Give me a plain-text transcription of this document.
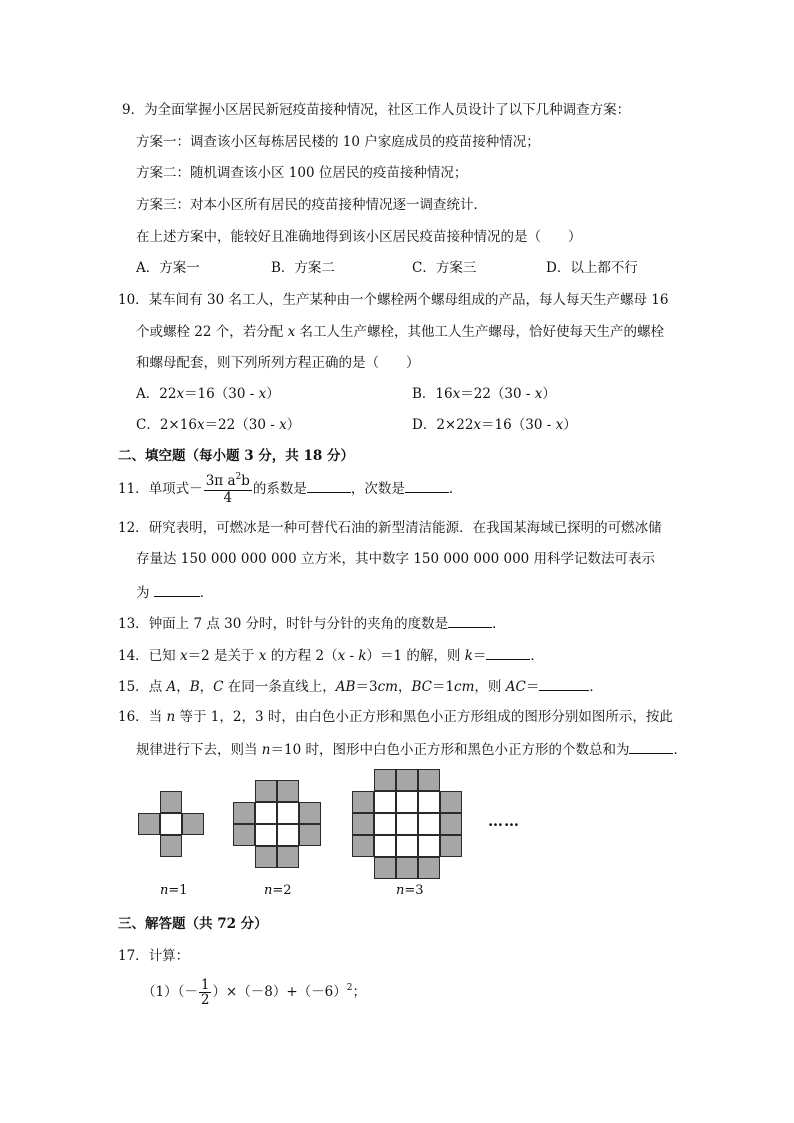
9．为全面掌握小区居民新冠疫苗接种情况，社区工作人员设计了以下几种调查方案：
方案一：调查该小区每栋居民楼的 10 户家庭成员的疫苗接种情况；
方案二：随机调查该小区 100 位居民的疫苗接种情况；
方案三：对本小区所有居民的疫苗接种情况逐一调查统计．
在上述方案中，能较好且准确地得到该小区居民疫苗接种情况的是（　　）
A．方案一	B．方案二	C．方案三	D．以上都不行
10．某车间有 30 名工人，生产某种由一个螺栓两个螺母组成的产品，每人每天生产螺母 16
个或螺栓 22 个，若分配 x 名工人生产螺栓，其他工人生产螺母，恰好使每天生产的螺栓
和螺母配套，则下列所列方程正确的是（　　）
A．22x＝16（30 - x）	B．16x＝22（30 - x）
C．2×16x＝22（30 - x）	D．2×22x＝16（30 - x）
二、填空题（每小题 3 分，共 18 分）
11．单项式－ $\frac{3\pi a^2b}{4}$ 的系数是	，次数是	．
12．研究表明，可燃冰是一种可替代石油的新型清洁能源．在我国某海域已探明的可燃冰储
存量达 150 000 000 000 立方米，其中数字 150 000 000 000 用科学记数法可表示
为	．
13．钟面上 7 点 30 分时，时针与分针的夹角的度数是	．
14．已知 x＝2 是关于 x 的方程 2（x - k）＝1 的解，则 k＝	．
15．点 A，B，C 在同一条直线上，AB＝3cm，BC＝1cm，则 AC＝	．
16．当 n 等于 1，2，3 时，由白色小正方形和黑色小正方形组成的图形分别如图所示，按此
规律进行下去，则当 n＝10 时，图形中白色小正方形和黑色小正方形的个数总和为	．
……
n=1	n=2	n=3
三、解答题（共 72 分）
17．计算：
$(1)(- \frac{1}{2} )\times(-8)+(-6)^2$；
